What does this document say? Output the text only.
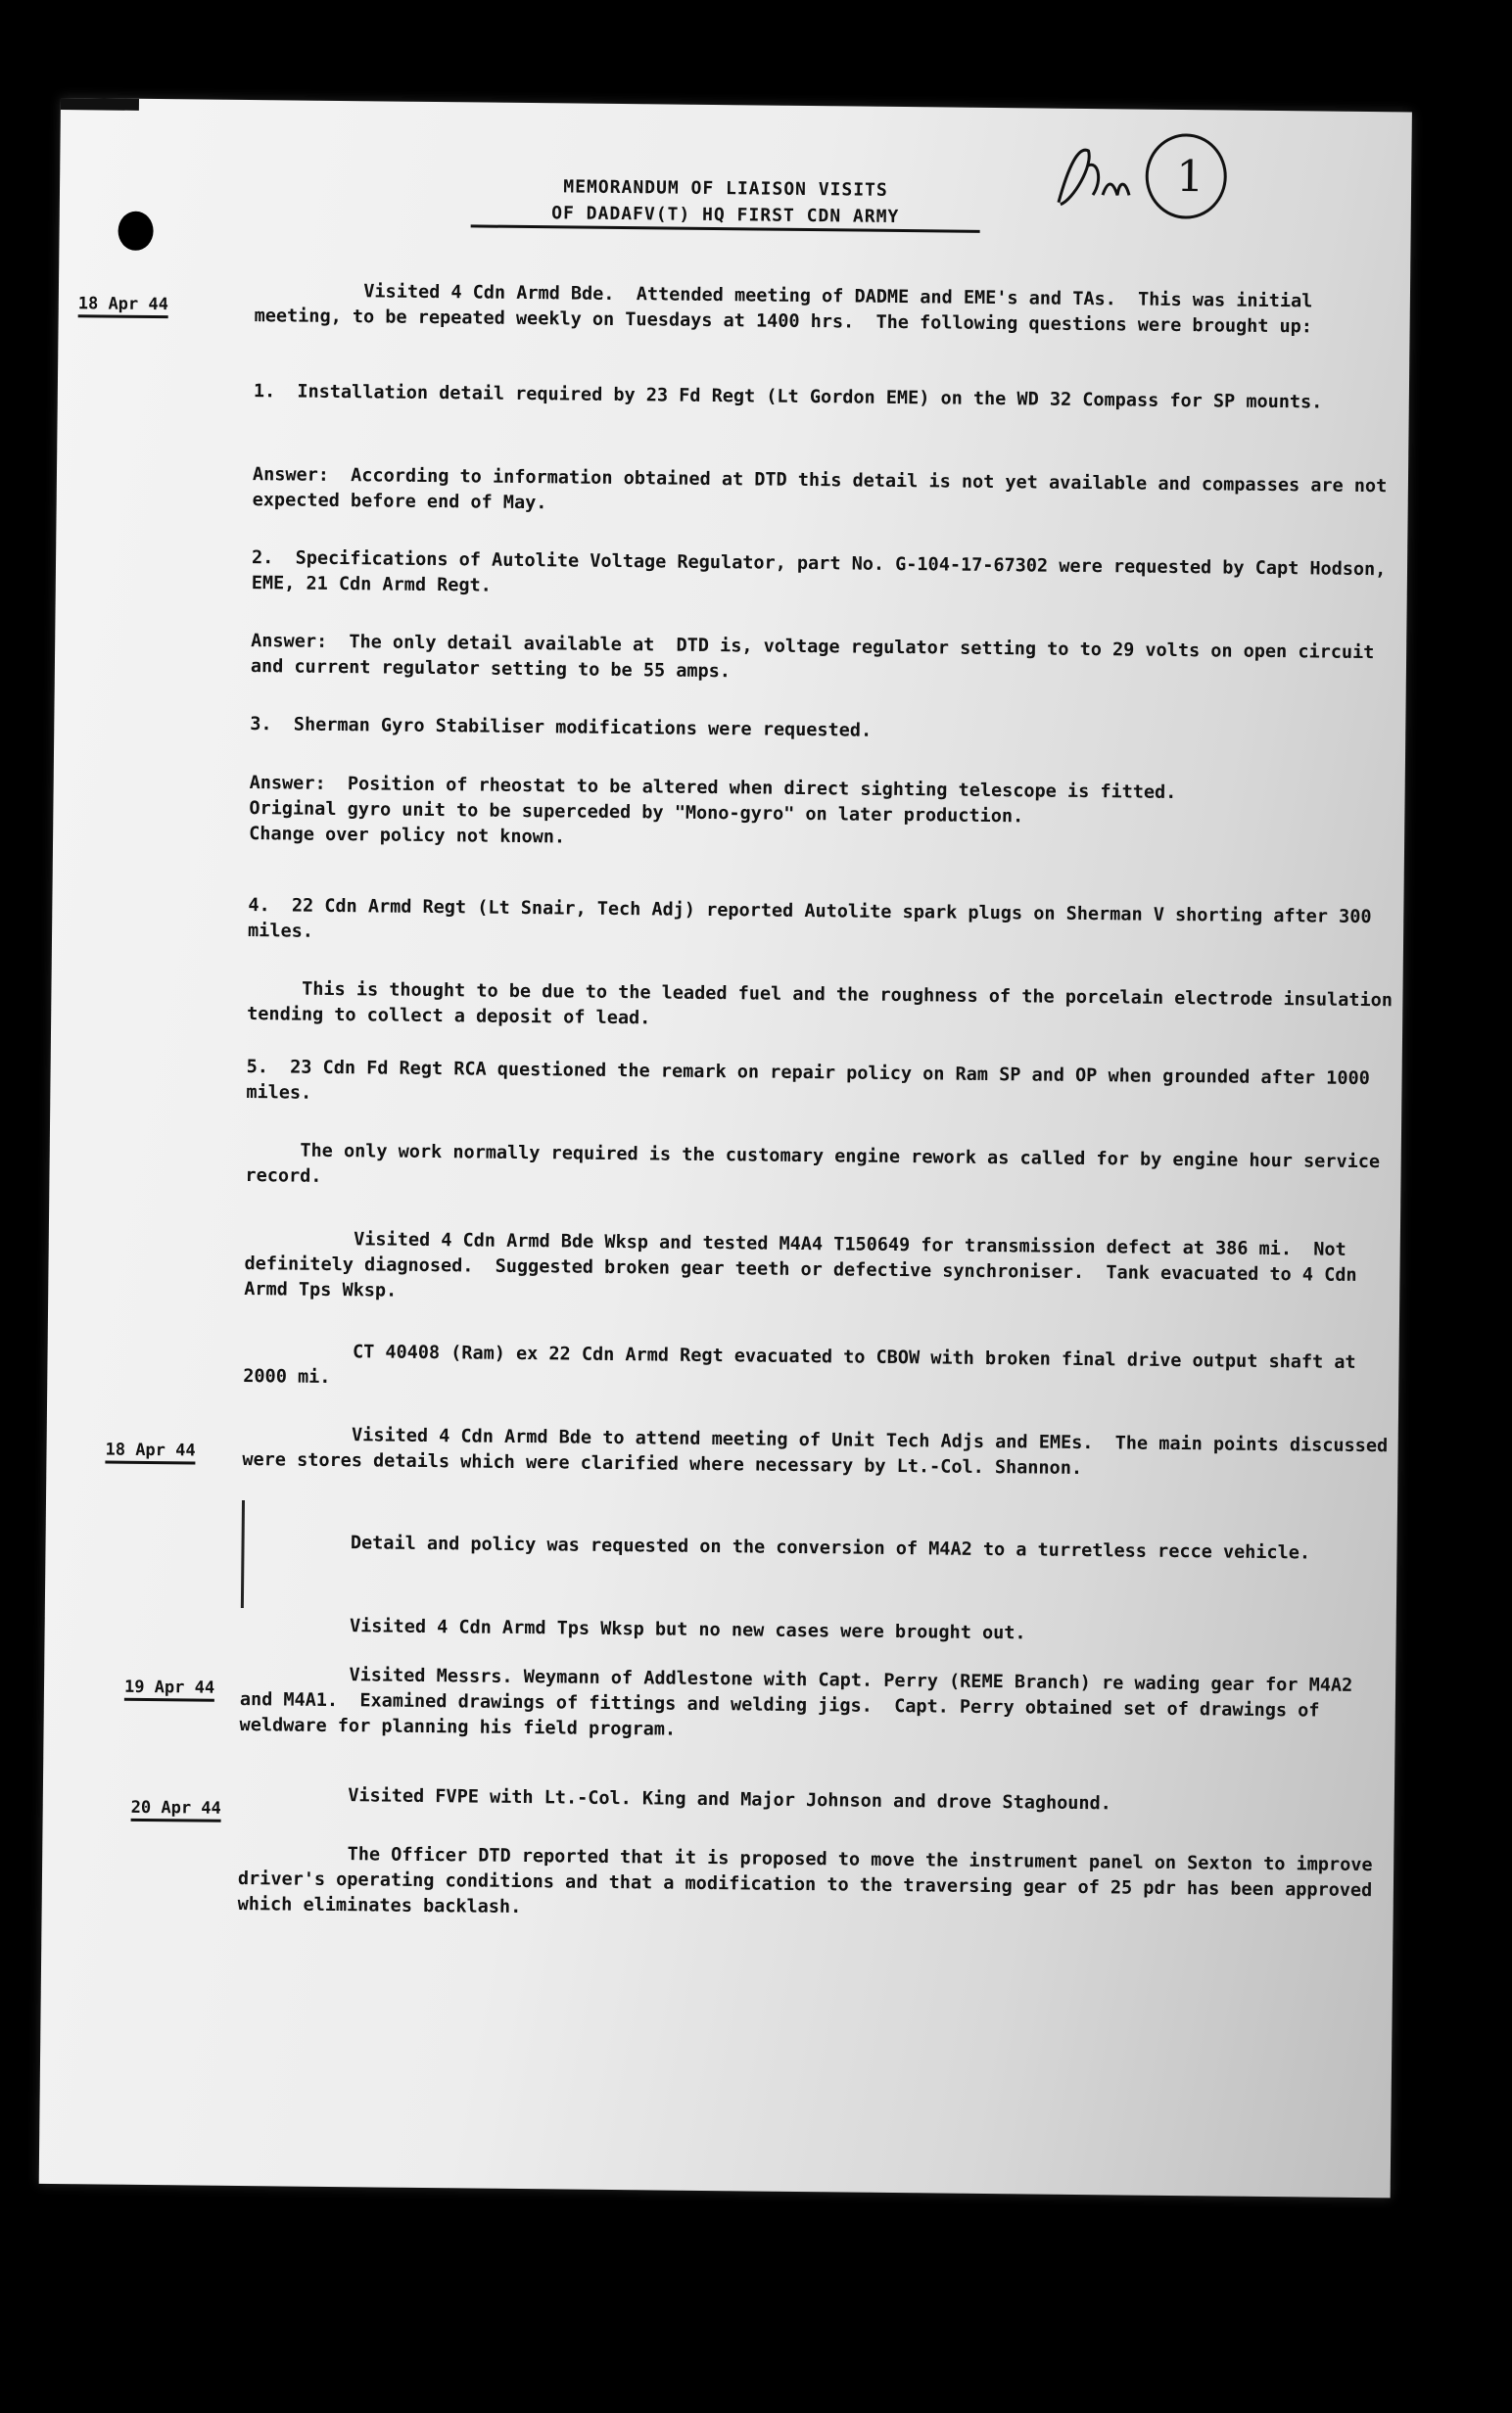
MEMORANDUM OF LIAISON VISITS
OF DADAFV(T) HQ FIRST CDN ARMY
1
18 Apr 44
18 Apr 44
19 Apr 44
20 Apr 44
Visited 4 Cdn Armd Bde.  Attended meeting of DADME and EME's and TAs.  This was initial meeting, to be repeated weekly on Tuesdays at 1400 hrs.  The following questions were brought up:
1.  Installation detail required by 23 Fd Regt (Lt Gordon EME) on the WD 32 Compass for SP mounts.
Answer:  According to information obtained at DTD this detail is not yet available and compasses are not expected before end of May.
2.  Specifications of Autolite Voltage Regulator, part No. G-104-17-67302 were requested by Capt Hodson, EME, 21 Cdn Armd Regt.
Answer:  The only detail available at  DTD is, voltage regulator setting to to 29 volts on open circuit and current regulator setting to be 55 amps.
3.  Sherman Gyro Stabiliser modifications were requested.
Answer:  Position of rheostat to be altered when direct sighting telescope is fitted.
Original gyro unit to be superceded by "Mono-gyro" on later production.
Change over policy not known.
4.  22 Cdn Armd Regt (Lt Snair, Tech Adj) reported Autolite spark plugs on Sherman V shorting after 300 miles.
This is thought to be due to the leaded fuel and the roughness of the porcelain electrode insulation tending to collect a deposit of lead.
5.  23 Cdn Fd Regt RCA questioned the remark on repair policy on Ram SP and OP when grounded after 1000 miles.
The only work normally required is the customary engine rework as called for by engine hour service record.
Visited 4 Cdn Armd Bde Wksp and tested M4A4 T150649 for transmission defect at 386 mi.  Not definitely diagnosed.  Suggested broken gear teeth or defective synchroniser.  Tank evacuated to 4 Cdn Armd Tps Wksp.
CT 40408 (Ram) ex 22 Cdn Armd Regt evacuated to CBOW with broken final drive output shaft at 2000 mi.
Visited 4 Cdn Armd Bde to attend meeting of Unit Tech Adjs and EMEs.  The main points discussed were stores details which were clarified where necessary by Lt.-Col. Shannon.
Detail and policy was requested on the conversion of M4A2 to a turretless recce vehicle.
Visited 4 Cdn Armd Tps Wksp but no new cases were brought out.
Visited Messrs. Weymann of Addlestone with Capt. Perry (REME Branch) re wading gear for M4A2 and M4A1.  Examined drawings of fittings and welding jigs.  Capt. Perry obtained set of drawings of weldware for planning his field program.
Visited FVPE with Lt.-Col. King and Major Johnson and drove Staghound.
The Officer DTD reported that it is proposed to move the instrument panel on Sexton to improve driver's operating conditions and that a modification to the traversing gear of 25 pdr has been approved which eliminates backlash.
